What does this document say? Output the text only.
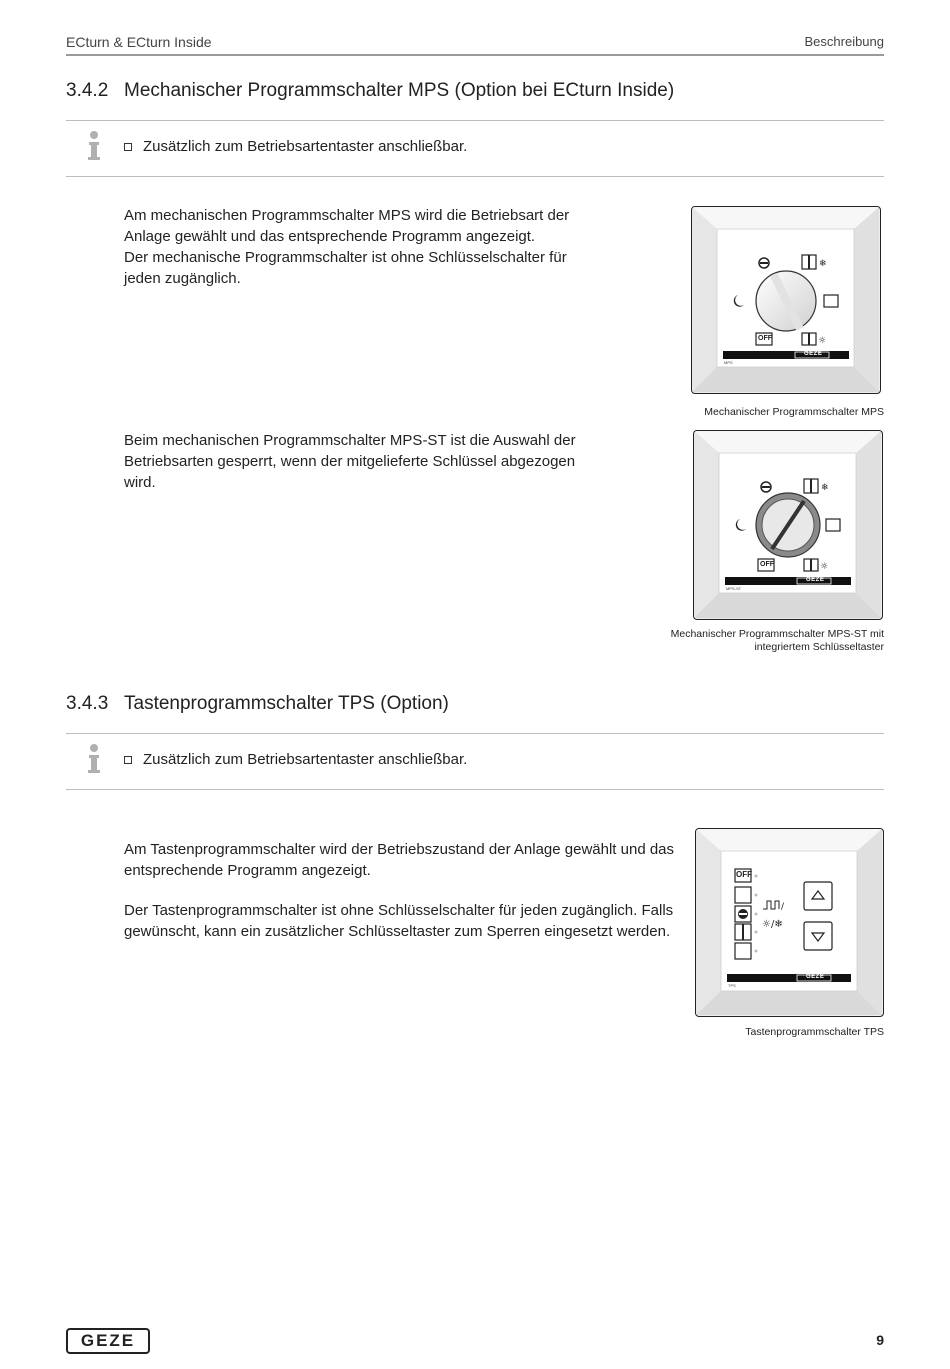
ECturn & ECturn Inside	Beschreibung
3.4.2 Mechanischer Programmschalter MPS (Option bei ECturn Inside)
Zusätzlich zum Betriebsartentaster anschließbar.

Am mechanischen Programmschalter MPS wird die Betriebsart der

Anlage gewählt und das entsprechende Programm angezeigt.

Der mechanische Programmschalter ist ohne Schlüsselschalter für

jeden zugänglich.

❄
☼
OFF
GEZE
MPS
Mechanischer Programmschalter MPS

Beim mechanischen Programmschalter MPS-ST ist die Auswahl der

Betriebsarten gesperrt, wenn der mitgelieferte Schlüssel abgezogen

wird.	❄
☼
OFF
GEZE
MPS-ST
Mechanischer Programmschalter MPS-ST mit
integriertem Schlüsseltaster
3.4.3 Tastenprogrammschalter TPS (Option)
Zusätzlich zum Betriebsartentaster anschließbar.

Am Tastenprogrammschalter wird der Betriebszustand der Anlage gewählt und das

entsprechende Programm angezeigt.

Der Tastenprogrammschalter ist ohne Schlüsselschalter für jeden zugänglich. Falls

gewünscht, kann ein zusätzlicher Schlüsseltaster zum Sperren eingesetzt werden.

/
☼/❄
OFF
GEZE
TPS
Tastenprogrammschalter TPS
GEZE	9
